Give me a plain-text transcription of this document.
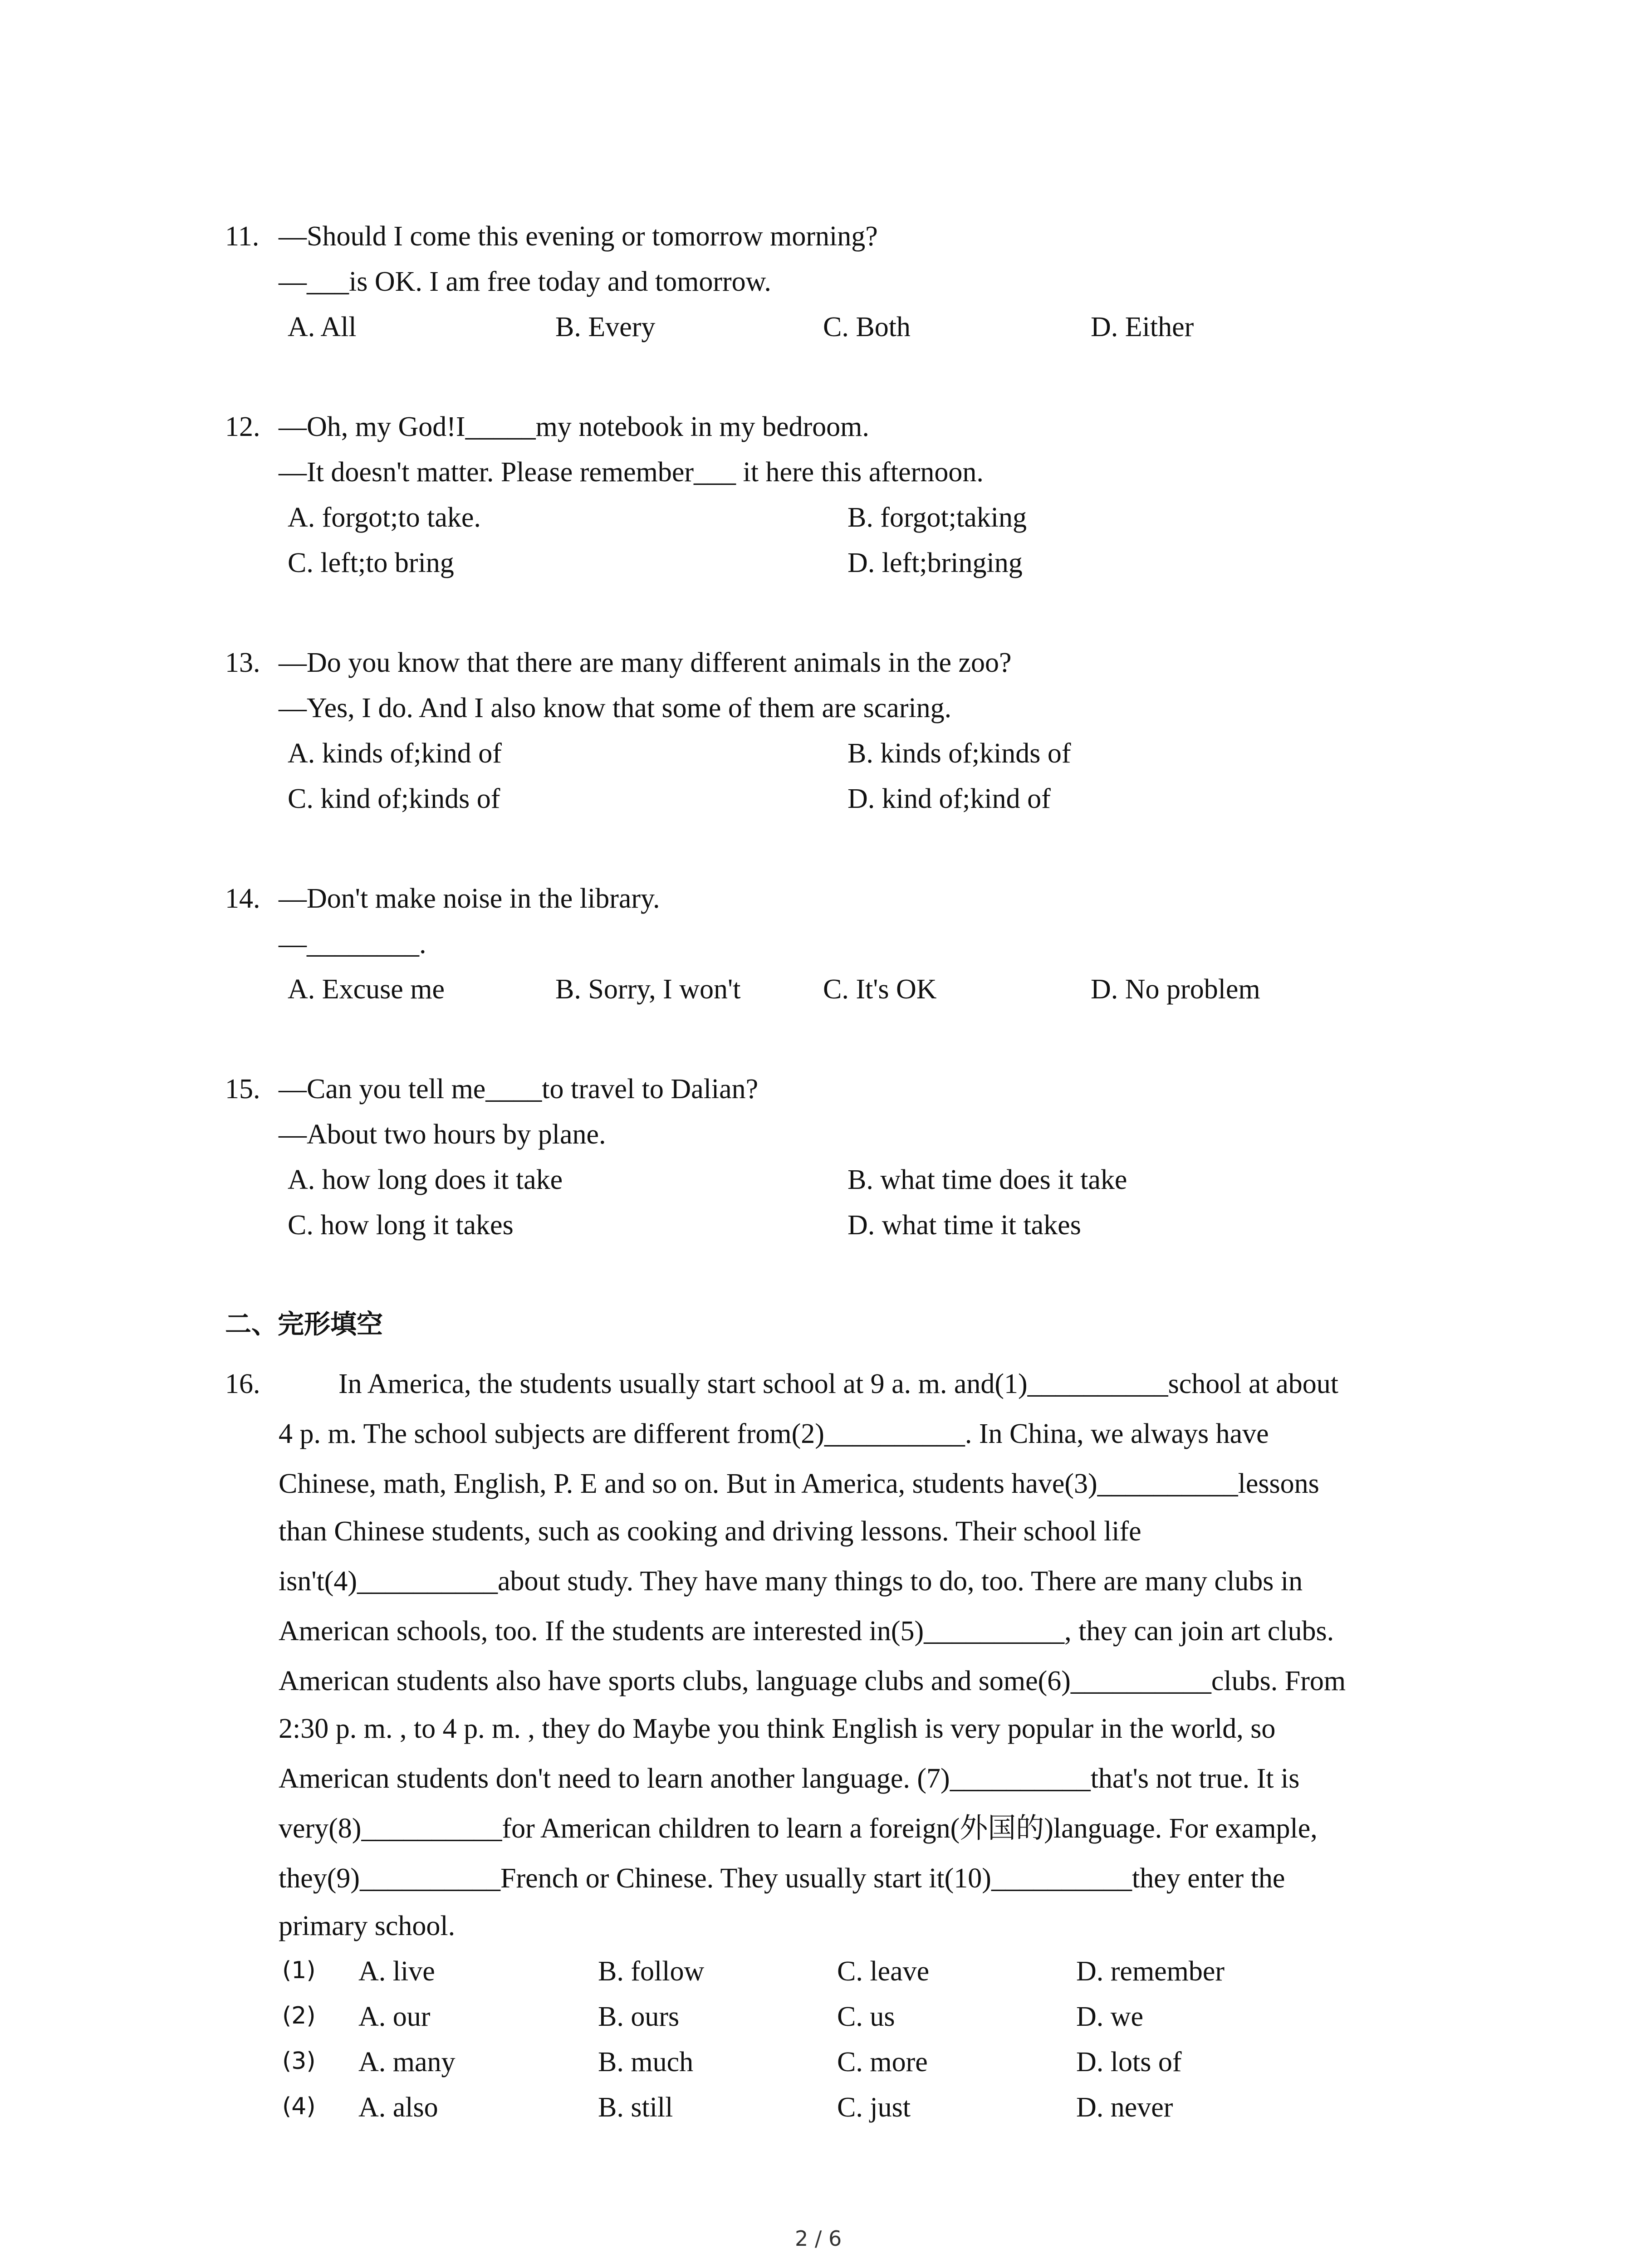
11. —Should I come this evening or tomorrow morning?
—___is OK. I am free today and tomorrow.
A. All	B. Every	C. Both	D. Either
12. —Oh, my God!I_____my notebook in my bedroom.
—It doesn't matter. Please remember___ it here this afternoon.
A. forgot;to take.	B. forgot;taking
C. left;to bring	D. left;bringing
13. —Do you know that there are many different animals in the zoo?
—Yes, I do. And I also know that some of them are scaring.
A. kinds of;kind of	B. kinds of;kinds of
C. kind of;kinds of	D. kind of;kind of
14. —Don't make noise in the library.
—________.
A. Excuse me	B. Sorry, I won't	C. It's OK	D. No problem
15. —Can you tell me____to travel to Dalian?
—About two hours by plane.
A. how long does it take	B. what time does it take
C. how long it takes	D. what time it takes
二、完形填空
16.	In America, the students usually start school at 9 a. m. and(1)__________school at about
4 p. m. The school subjects are different from(2)__________. In China, we always have
Chinese, math, English, P. E and so on. But in America, students have(3)__________lessons
than Chinese students, such as cooking and driving lessons. Their school life
isn't(4)__________about study. They have many things to do, too. There are many clubs in
American schools, too. If the students are interested in(5)__________, they can join art clubs.
American students also have sports clubs, language clubs and some(6)__________clubs. From
2:30 p. m. , to 4 p. m. , they do Maybe you think English is very popular in the world, so
American students don't need to learn another language. (7)__________that's not true. It is
very(8)__________for American children to learn a foreign(外国的)language. For example,
they(9)__________French or Chinese. They usually start it(10)__________they enter the
primary school.
(1) A. live	B. follow	C. leave	D. remember
(2) A. our	B. ours	C. us	D. we
(3) A. many	B. much	C. more	D. lots of
(4) A. also	B. still	C. just	D. never
2 / 6
